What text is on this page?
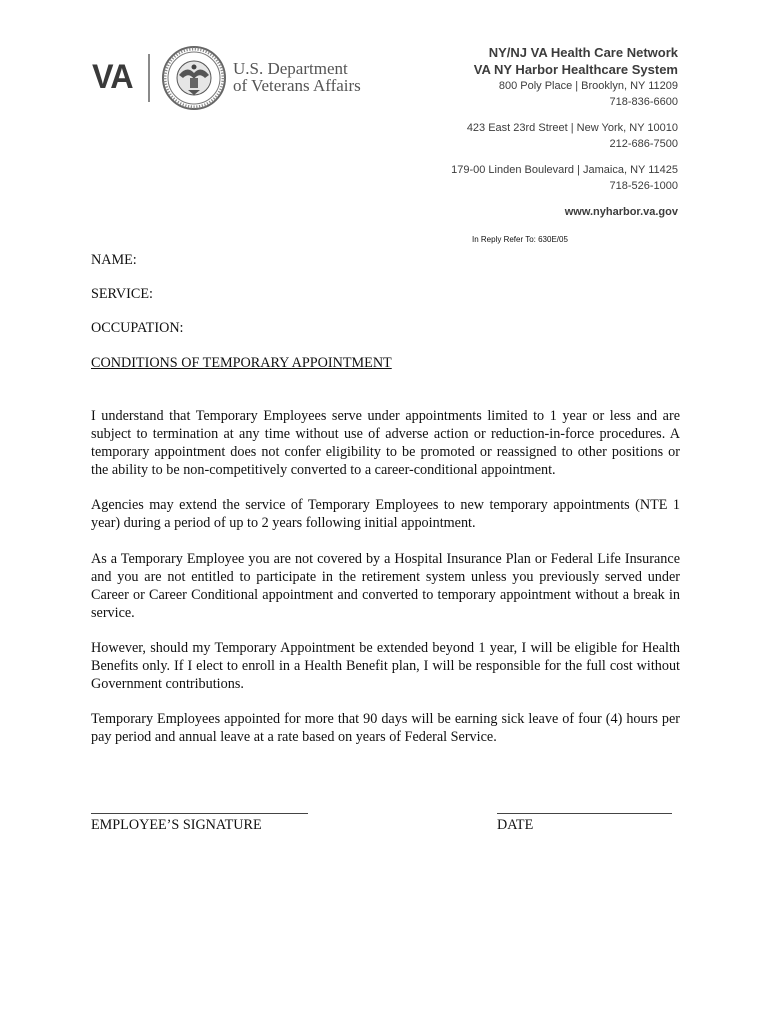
VA	U.S. Department
of Veterans Affairs
NY/NJ VA Health Care Network
VA NY Harbor Healthcare System
800 Poly Place | Brooklyn, NY 11209
718-836-6600
423 East 23rd Street | New York, NY 10010
212-686-7500
179-00 Linden Boulevard | Jamaica, NY 11425
718-526-1000
www.nyharbor.va.gov
In Reply Refer To: 630E/05
NAME:
SERVICE:
OCCUPATION:
CONDITIONS OF TEMPORARY APPOINTMENT
I understand that Temporary Employees serve under appointments limited to 1 year or less and are subject to termination at any time without use of adverse action or reduction-in-force procedures. A temporary appointment does not confer eligibility to be promoted or reassigned to other positions or the ability to be non-competitively converted to a career-conditional appointment.
Agencies may extend the service of Temporary Employees to new temporary appointments (NTE 1 year) during a period of up to 2 years following initial appointment.
As a Temporary Employee you are not covered by a Hospital Insurance Plan or Federal Life Insurance and you are not entitled to participate in the retirement system unless you previously served under Career or Career Conditional appointment and converted to temporary appointment without a break in service.
However, should my Temporary Appointment be extended beyond 1 year, I will be eligible for Health Benefits only. If I elect to enroll in a Health Benefit plan, I will be responsible for the full cost without Government contributions.
Temporary Employees appointed for more that 90 days will be earning sick leave of four (4) hours per pay period and annual leave at a rate based on years of Federal Service.
EMPLOYEE’S SIGNATURE	DATE
